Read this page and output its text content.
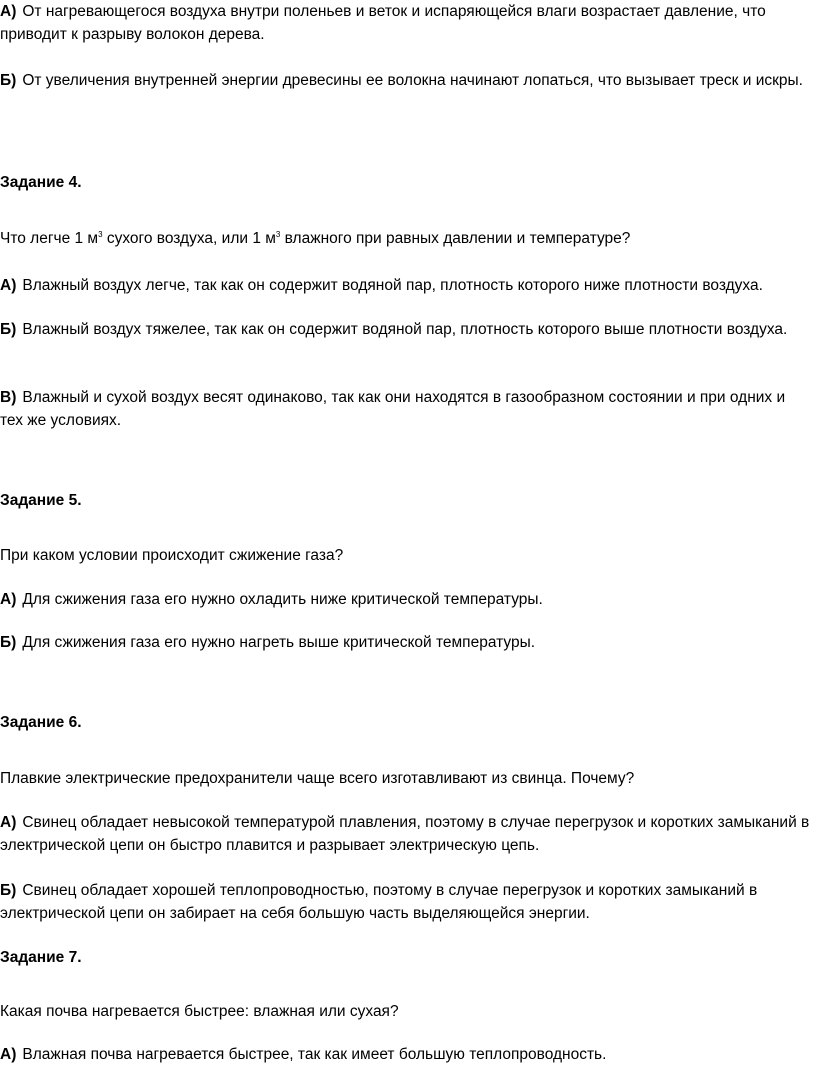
А) От нагревающегося воздуха внутри поленьев и веток и испаряющейся влаги возрастает давление, что приводит к разрыву волокон дерева.

Б) От увеличения внутренней энергии древесины ее волокна начинают лопаться, что вызывает треск и искры.

Задание 4.

Что легче 1 $м^3$ сухого воздуха, или 1 $м^3$ влажного при равных давлении и температуре?

А) Влажный воздух легче, так как он содержит водяной пар, плотность которого ниже плотности воздуха.

Б) Влажный воздух тяжелее, так как он содержит водяной пар, плотность которого выше плотности воздуха.

В) Влажный и сухой воздух весят одинаково, так как они находятся в газообразном состоянии и при одних и тех же условиях.

Задание 5.

При каком условии происходит сжижение газа?

А) Для сжижения газа его нужно охладить ниже критической температуры.

Б) Для сжижения газа его нужно нагреть выше критической температуры.

Задание 6.

Плавкие электрические предохранители чаще всего изготавливают из свинца. Почему?

А) Свинец обладает невысокой температурой плавления, поэтому в случае перегрузок и коротких замыканий в электрической цепи он быстро плавится и разрывает электрическую цепь.

Б) Свинец обладает хорошей теплопроводностью, поэтому в случае перегрузок и коротких замыканий в электрической цепи он забирает на себя большую часть выделяющейся энергии.

Задание 7.

Какая почва нагревается быстрее: влажная или сухая?

А) Влажная почва нагревается быстрее, так как имеет большую теплопроводность.
